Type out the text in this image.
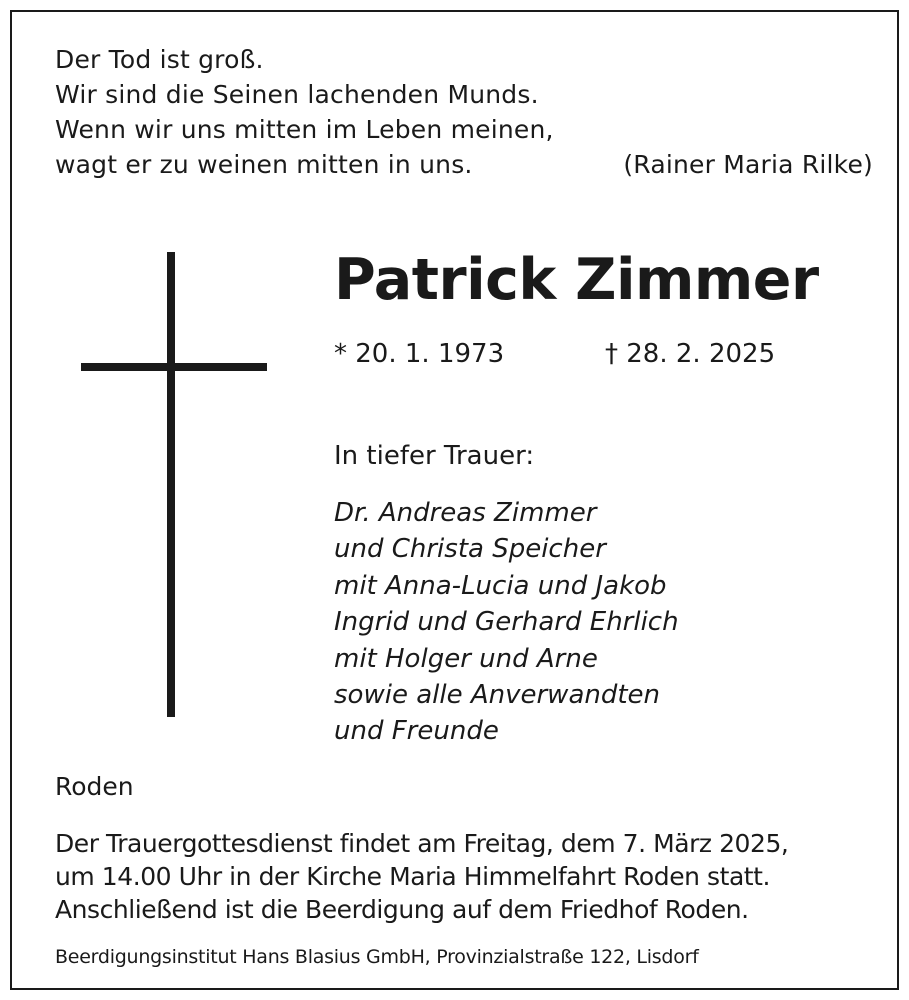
Der Tod ist groß.
Wir sind die Seinen lachenden Munds.
Wenn wir uns mitten im Leben meinen,
wagt er zu weinen mitten in uns.	(Rainer Maria Rilke)
Patrick Zimmer
* 20. 1. 1973	† 28. 2. 2025
In tiefer Trauer:
Dr. Andreas Zimmer
und Christa Speicher
mit Anna-Lucia und Jakob
Ingrid und Gerhard Ehrlich
mit Holger und Arne
sowie alle Anverwandten
und Freunde
Roden
Der Trauergottesdienst findet am Freitag, dem 7. März 2025,
um 14.00 Uhr in der Kirche Maria Himmelfahrt Roden statt.
Anschließend ist die Beerdigung auf dem Friedhof Roden.
Beerdigungsinstitut Hans Blasius GmbH, Provinzialstraße 122, Lisdorf
